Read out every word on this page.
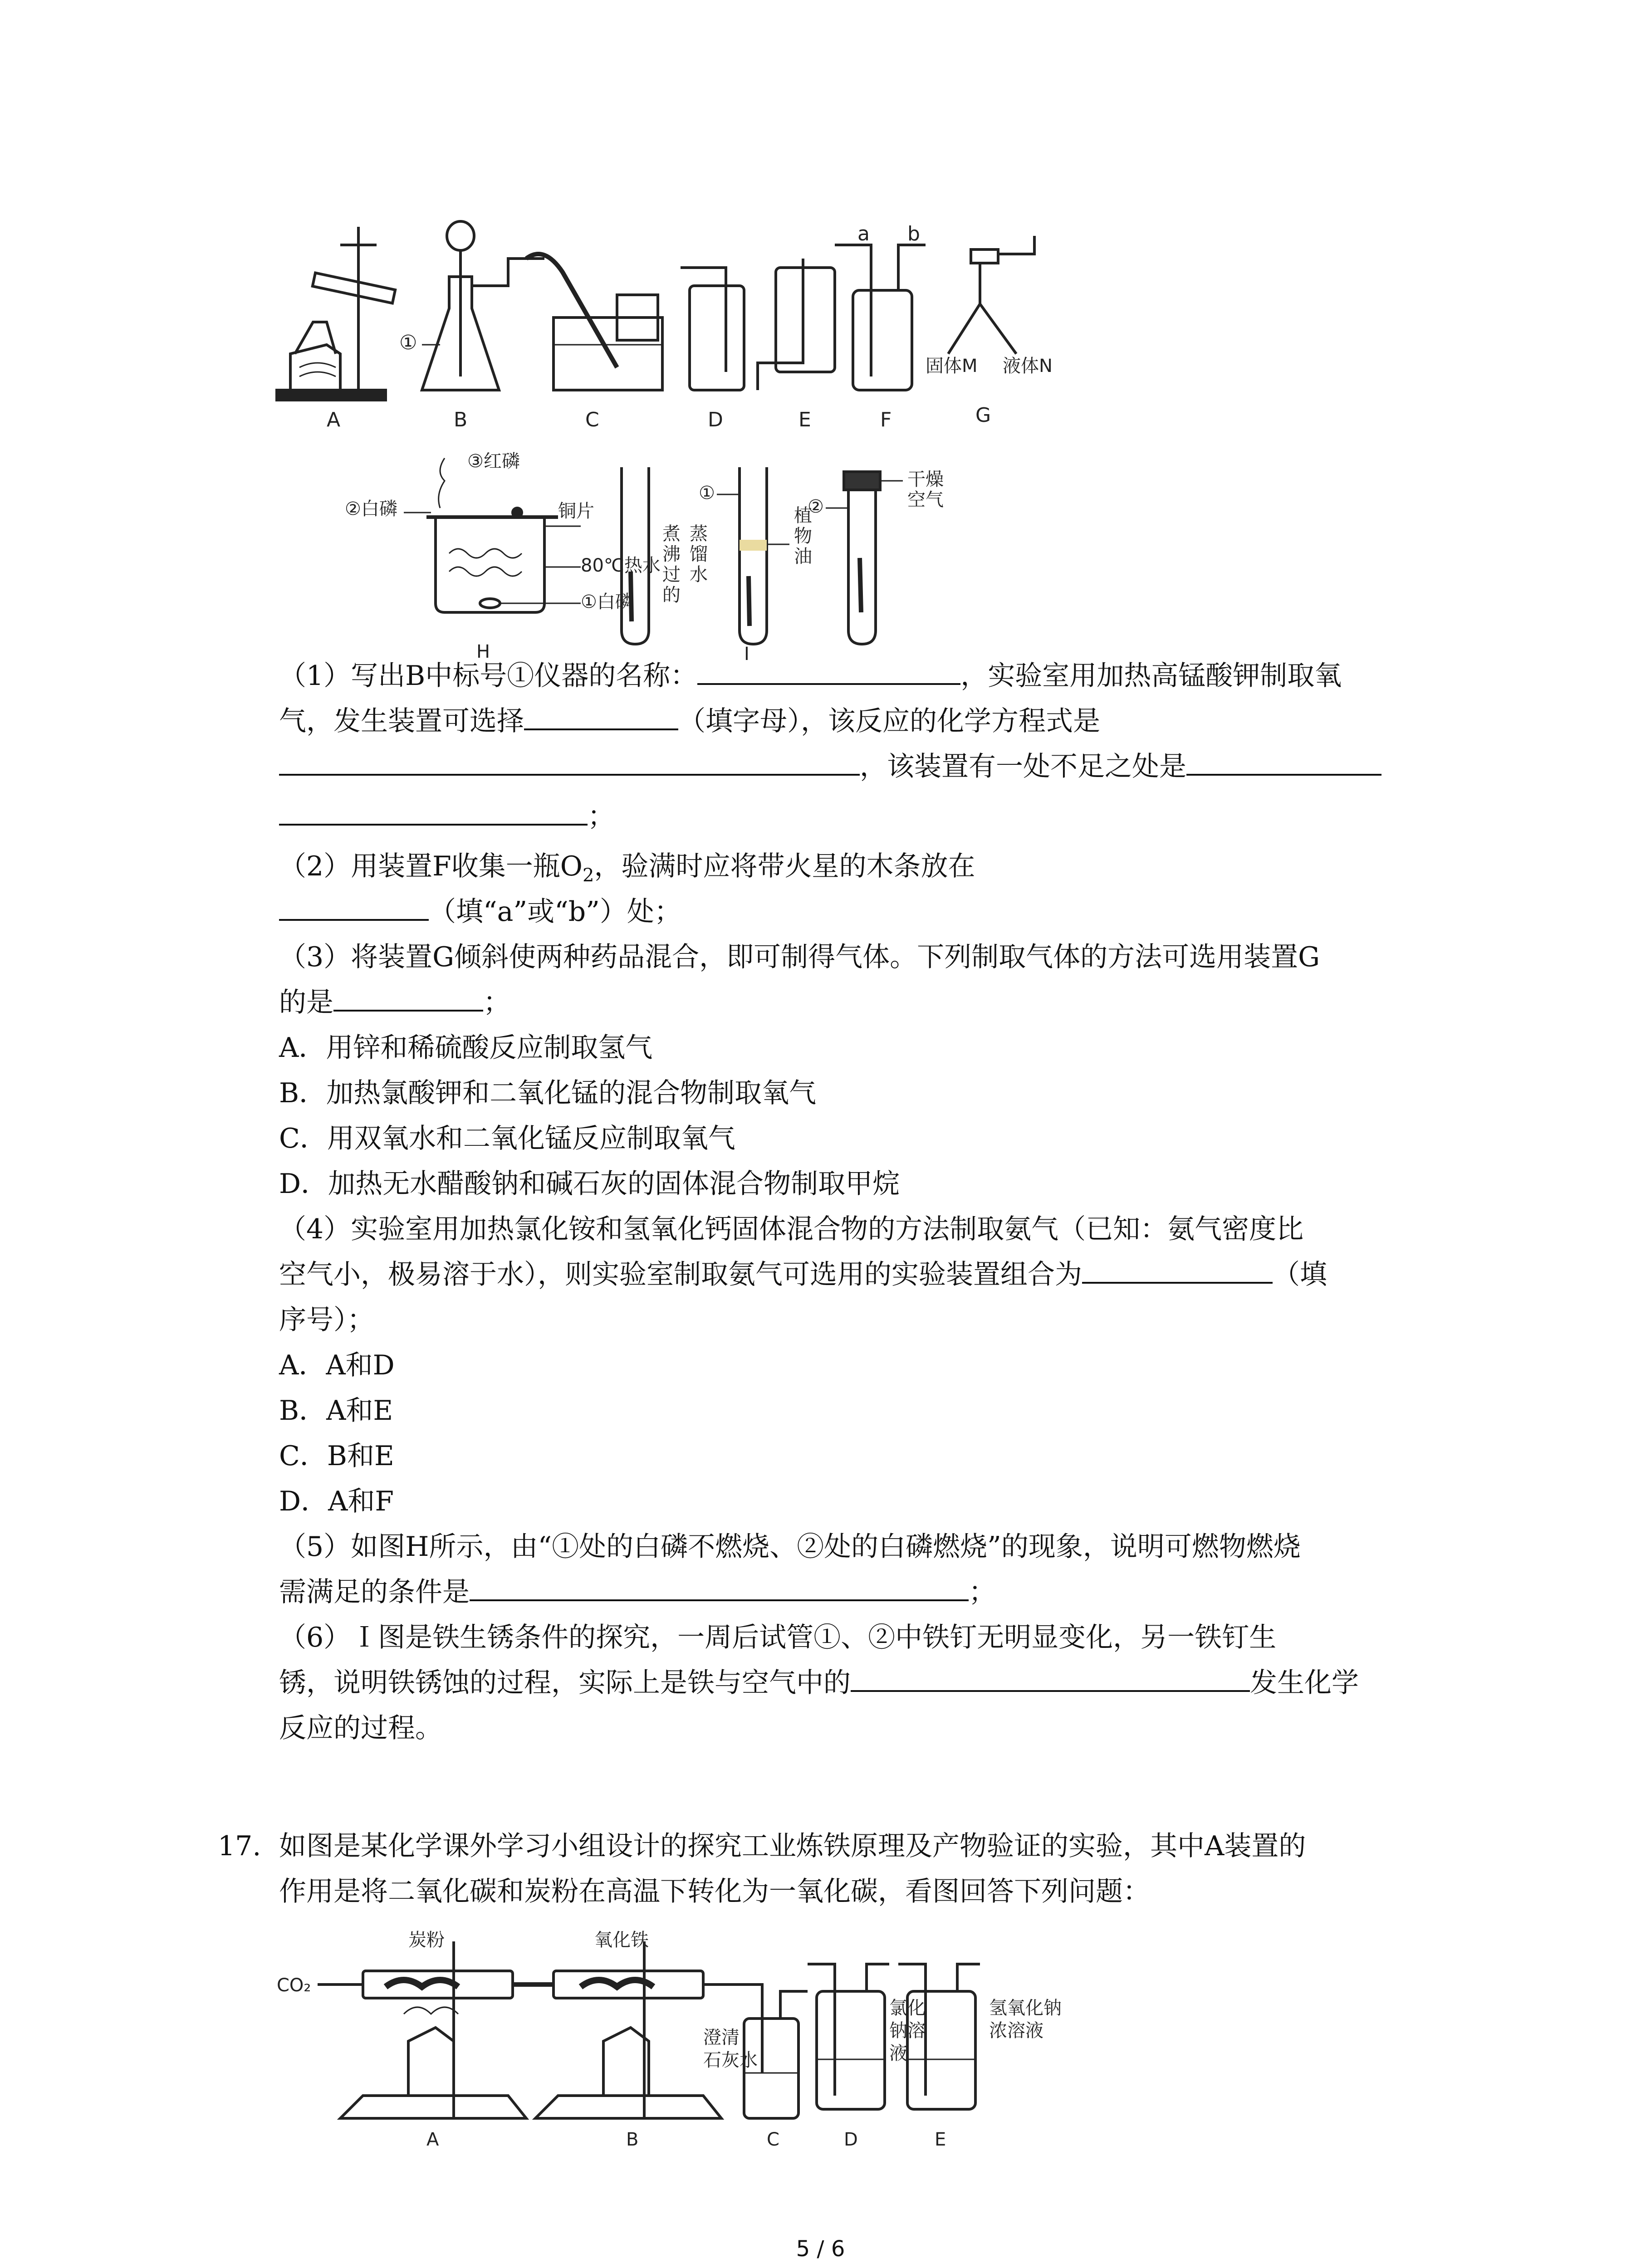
A	B	C	D	E	F	G
a b
①
固体M 液体N
H	I
③红磷
②白磷	铜片
80℃热水
①白磷
①
②
煮
沸
过
的
蒸
馏
水
植
物
油
干燥
空气
（1）写出B中标号①仪器的名称：	，实验室用加热高锰酸钾制取氧
气，发生装置可选择	（填字母），该反应的化学方程式是
，该装置有一处不足之处是
；
（2）用装置F收集一瓶$O_2$，验满时应将带火星的木条放在
（填“a”或“b”）处；
（3）将装置G倾斜使两种药品混合，即可制得气体。下列制取气体的方法可选用装置G
的是	；
A．用锌和稀硫酸反应制取氢气
B．加热氯酸钾和二氧化锰的混合物制取氧气
C．用双氧水和二氧化锰反应制取氧气
D．加热无水醋酸钠和碱石灰的固体混合物制取甲烷
（4）实验室用加热氯化铵和氢氧化钙固体混合物的方法制取氨气（已知：氨气密度比
空气小，极易溶于水），则实验室制取氨气可选用的实验装置组合为	（填
序号）；
A．A和D
B．A和E
C．B和E
D．A和F
（5）如图H所示，由“①处的白磷不燃烧、②处的白磷燃烧”的现象，说明可燃物燃烧
需满足的条件是	；
（6）Ｉ图是铁生锈条件的探究，一周后试管①、②中铁钉无明显变化，另一铁钉生
锈，说明铁锈蚀的过程，实际上是铁与空气中的	发生化学
反应的过程。
17. 如图是某化学课外学习小组设计的探究工业炼铁原理及产物验证的实验，其中A装置的
作用是将二氧化碳和炭粉在高温下转化为一氧化碳，看图回答下列问题：
CO₂
炭粉	氧化铁
澄清
石灰水
氯化
钠溶
液
氢氧化钠
浓溶液
A	B	C	D	E
5 / 6
